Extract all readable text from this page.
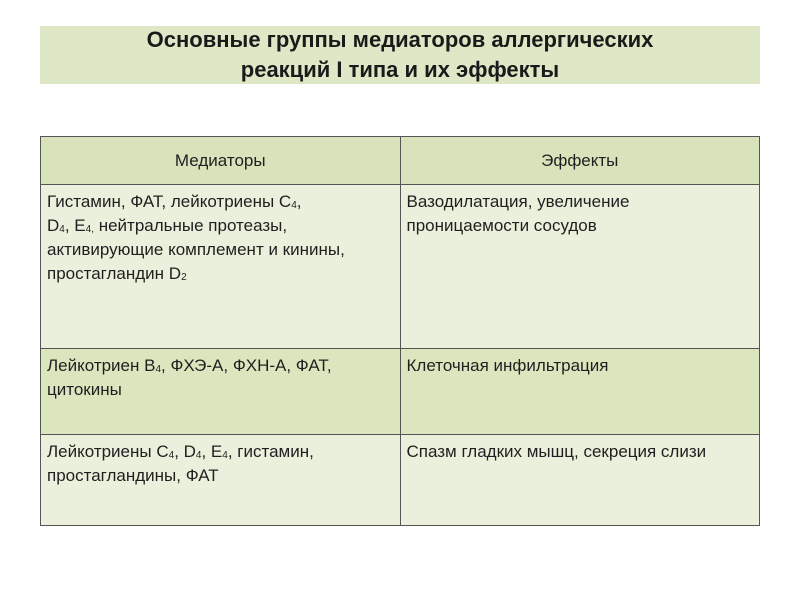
Основные группы медиаторов аллергических
реакций I типа и их эффекты
Медиаторы	Эффекты
Гистамин, ФАТ, лейкотриены $С_4$,
$D_4$, $Е_{4,}$ нейтральные протеазы, активирующие комплемент и кинины, простагландин $D_2$	Вазодилатация, увеличение проницаемости сосудов
Лейкотриен $В_4$, ФХЭ-А, ФХН-А, ФАТ, цитокины	Клеточная инфильтрация
Лейкотриены $С_4$, $D_4$, $Е_4$, гистамин, простагландины, ФАТ	Спазм гладких мышц, секреция слизи
